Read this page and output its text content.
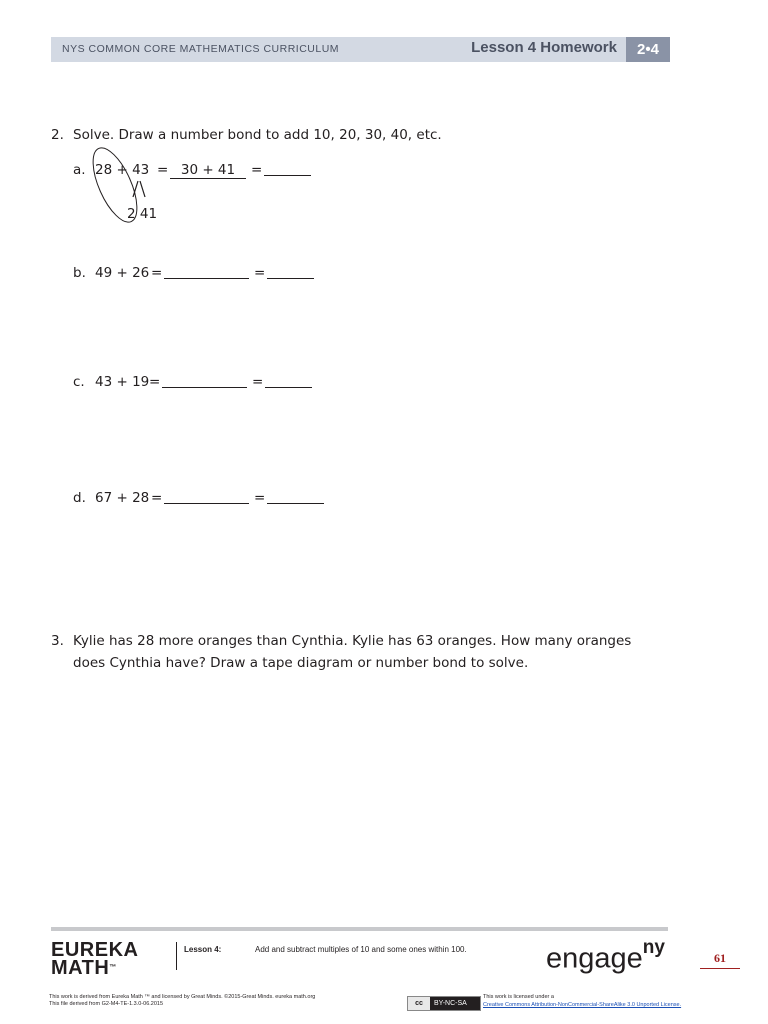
NYS COMMON CORE MATHEMATICS CURRICULUM	Lesson 4 Homework	2•4
2. Solve. Draw a number bond to add 10, 20, 30, 40, etc.
a. 28 + 43 = 30 + 41	=
2 41
b. 49 + 26 =	=
c. 43 + 19 =	=
d. 67 + 28 =	=
3. Kylie has 28 more oranges than Cynthia. Kylie has 63 oranges. How many oranges
does Cynthia have? Draw a tape diagram or number bond to solve.
EUREKA
MATH™
Lesson 4:	Add and subtract multiples of 10 and some ones within 100.	engage$^{ny}$	61
This work is derived from Eureka Math ™ and licensed by Great Minds. ©2015-Great Minds. eureka math.org
This file derived from G2-M4-TE-1.3.0-06.2015	cc BY-NC-SA
This work is licensed under a
Creative Commons Attribution-NonCommercial-ShareAlike 3.0 Unported License.
